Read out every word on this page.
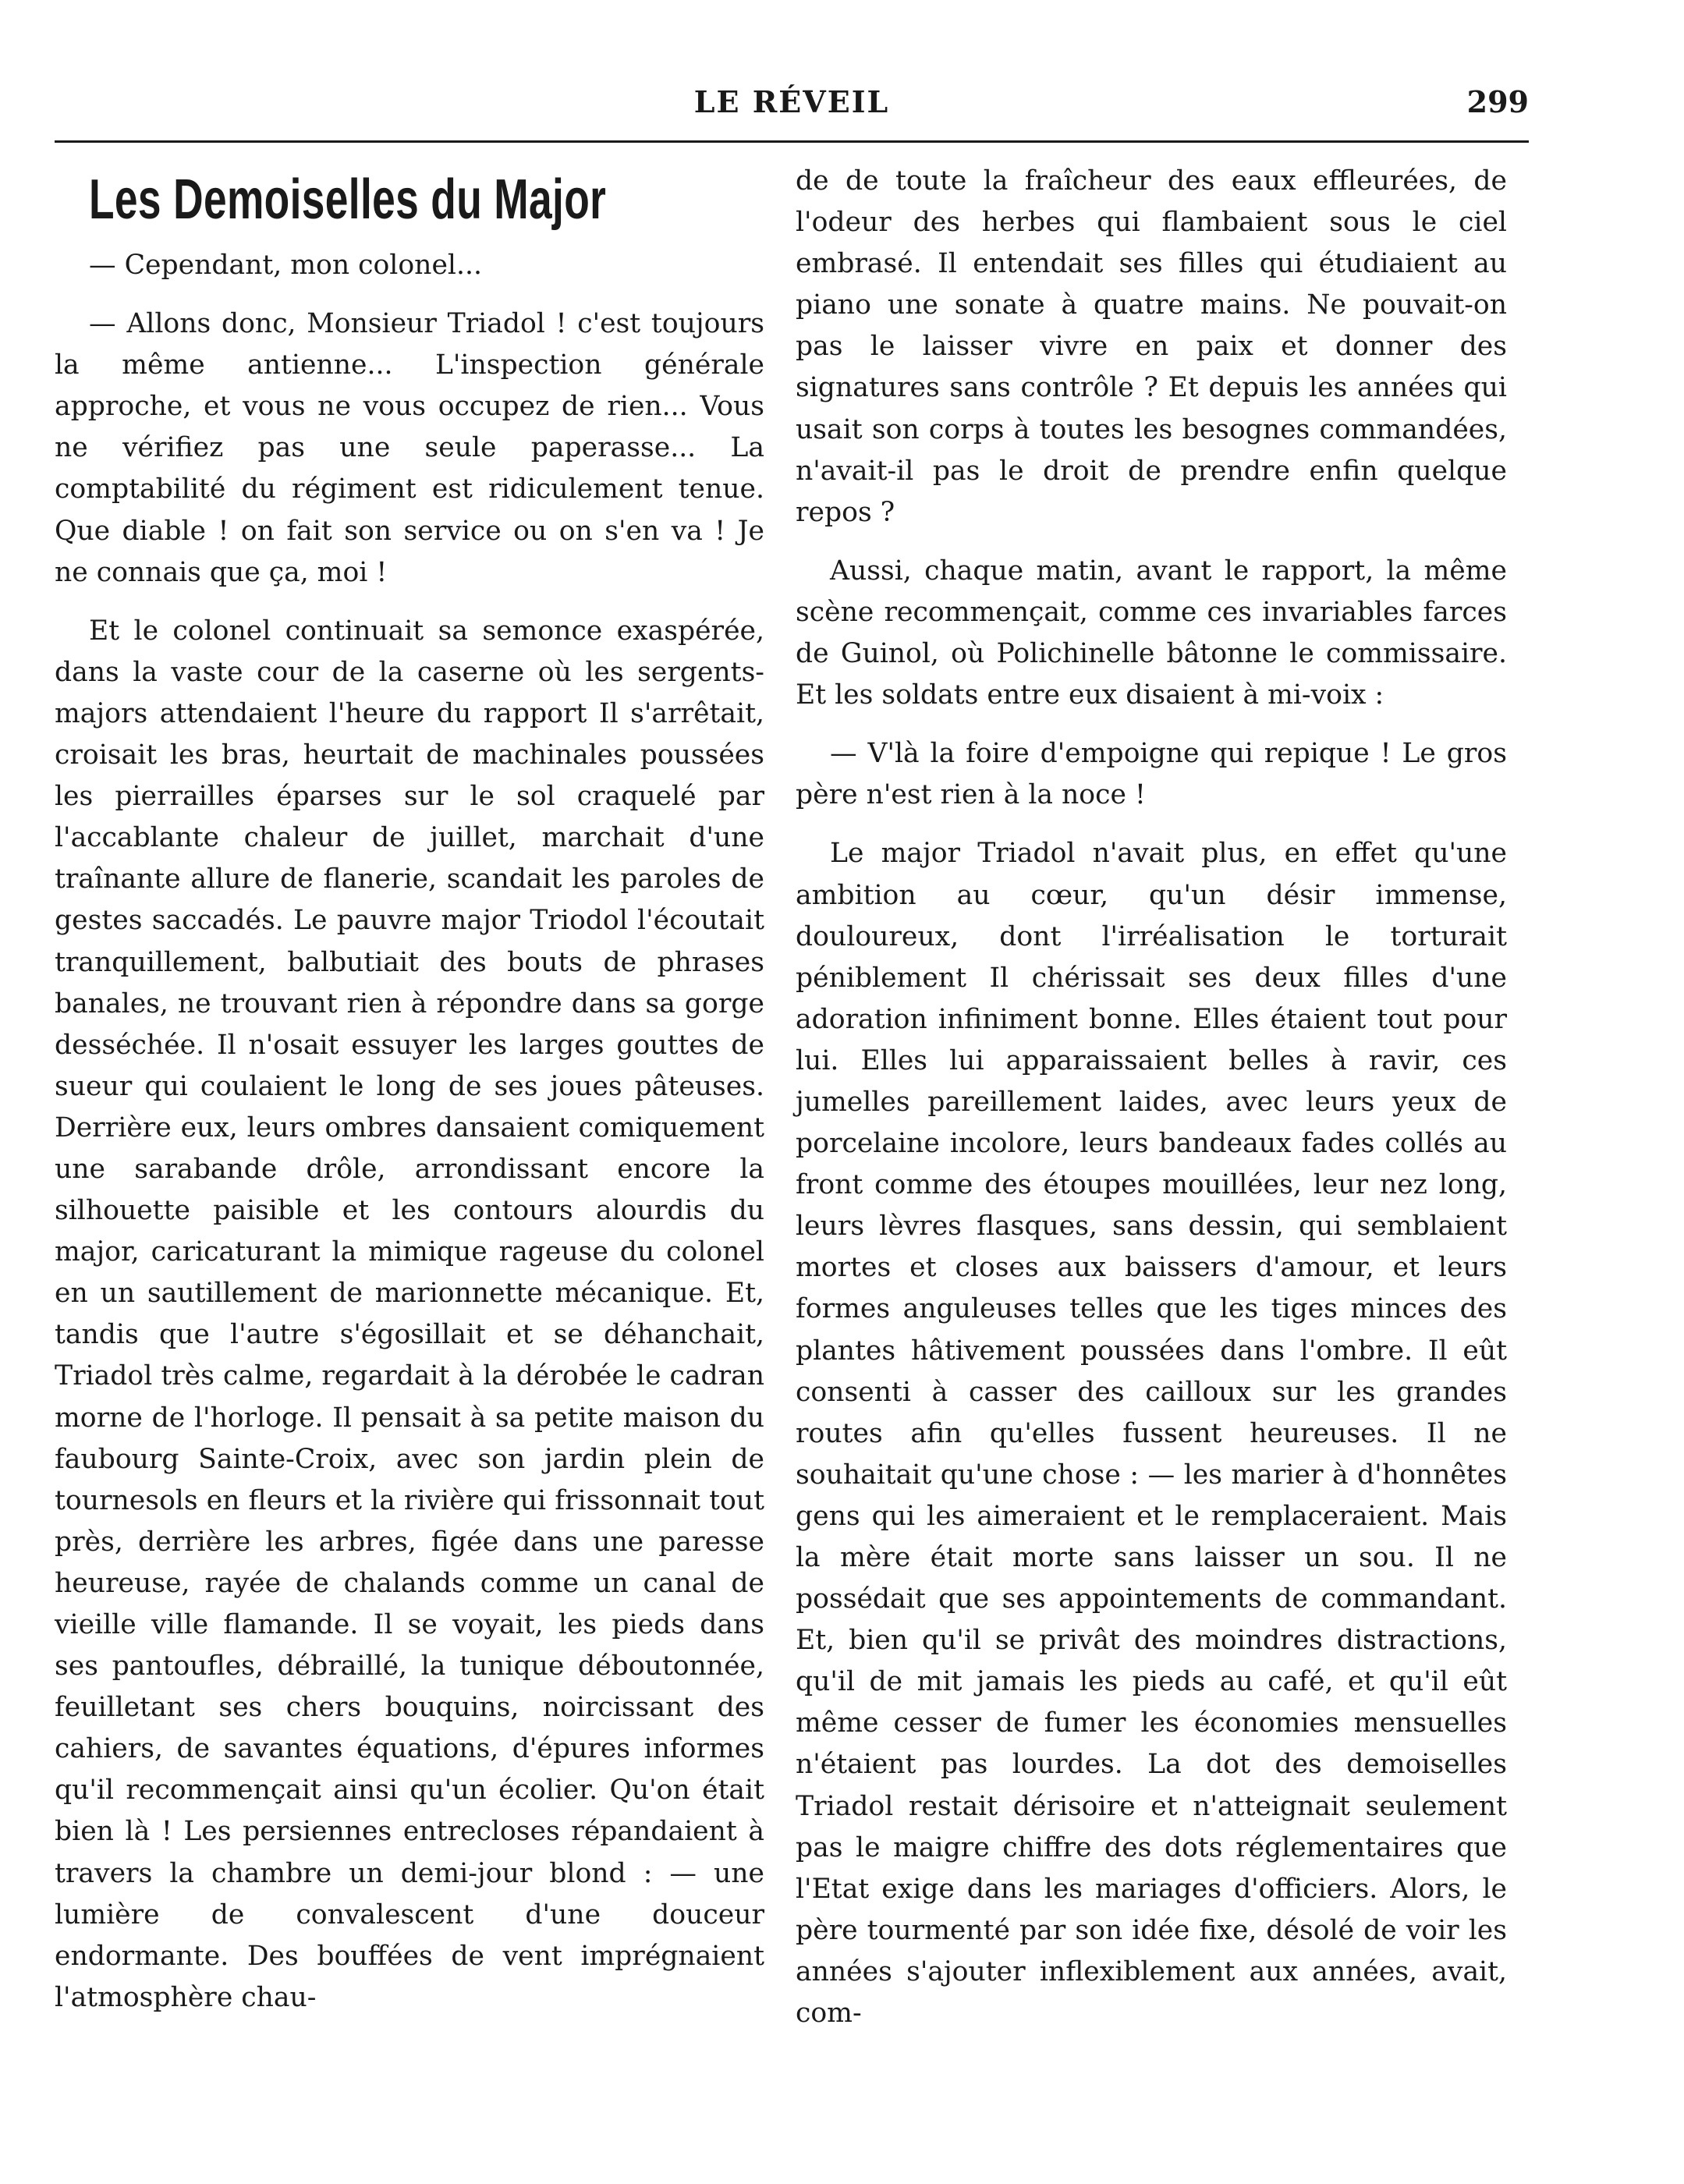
LE RÉVEIL	299
Les Demoiselles du Major

— Cependant, mon colonel...

— Allons donc, Monsieur Triadol ! c'est toujours la même antienne... L'inspection générale approche, et vous ne vous occupez de rien... Vous ne vérifiez pas une seule paperasse... La comptabilité du régiment est ridiculement tenue. Que diable ! on fait son service ou on s'en va ! Je ne connais que ça, moi !

Et le colonel continuait sa semonce exaspérée, dans la vaste cour de la caserne où les sergents-majors attendaient l'heure du rapport Il s'arrêtait, croisait les bras, heurtait de machinales poussées les pierrailles éparses sur le sol craquelé par l'accablante chaleur de juillet, marchait d'une traînante allure de flanerie, scandait les paroles de gestes saccadés. Le pauvre major Triodol l'écoutait tranquillement, balbutiait des bouts de phrases banales, ne trouvant rien à répondre dans sa gorge desséchée. Il n'osait essuyer les larges gouttes de sueur qui coulaient le long de ses joues pâteuses. Derrière eux, leurs ombres dansaient comiquement une sarabande drôle, arrondissant encore la silhouette paisible et les contours alourdis du major, caricaturant la mimique rageuse du colonel en un sautillement de marionnette mécanique. Et, tandis que l'autre s'égosillait et se déhanchait, Triadol très calme, regardait à la dérobée le cadran morne de l'horloge. Il pensait à sa petite maison du faubourg Sainte-Croix, avec son jardin plein de tournesols en fleurs et la rivière qui frissonnait tout près, derrière les arbres, figée dans une paresse heureuse, rayée de chalands comme un canal de vieille ville flamande. Il se voyait, les pieds dans ses pantoufles, débraillé, la tunique déboutonnée, feuilletant ses chers bouquins, noircissant des cahiers, de savantes équations, d'épures informes qu'il recommençait ainsi qu'un écolier. Qu'on était bien là ! Les persiennes entrecloses répandaient à travers la chambre un demi-jour blond : — une lumière de convalescent d'une douceur endormante. Des bouffées de vent imprégnaient l'atmosphère chau-

de de toute la fraîcheur des eaux effleurées, de l'odeur des herbes qui flambaient sous le ciel embrasé. Il entendait ses filles qui étudiaient au piano une sonate à quatre mains. Ne pouvait-on pas le laisser vivre en paix et donner des signatures sans contrôle ? Et depuis les années qui usait son corps à toutes les besognes commandées, n'avait-il pas le droit de prendre enfin quelque repos ?

Aussi, chaque matin, avant le rapport, la même scène recommençait, comme ces invariables farces de Guinol, où Polichinelle bâtonne le commissaire. Et les soldats entre eux disaient à mi-voix :

— V'là la foire d'empoigne qui repique ! Le gros père n'est rien à la noce !

Le major Triadol n'avait plus, en effet qu'une ambition au cœur, qu'un désir immense, douloureux, dont l'irréalisation le torturait péniblement Il chérissait ses deux filles d'une adoration infiniment bonne. Elles étaient tout pour lui. Elles lui apparaissaient belles à ravir, ces jumelles pareillement laides, avec leurs yeux de porcelaine incolore, leurs bandeaux fades collés au front comme des étoupes mouillées, leur nez long, leurs lèvres flasques, sans dessin, qui semblaient mortes et closes aux baissers d'amour, et leurs formes anguleuses telles que les tiges minces des plantes hâtivement poussées dans l'ombre. Il eût consenti à casser des cailloux sur les grandes routes afin qu'elles fussent heureuses. Il ne souhaitait qu'une chose : — les marier à d'honnêtes gens qui les aimeraient et le remplaceraient. Mais la mère était morte sans laisser un sou. Il ne possédait que ses appointements de commandant. Et, bien qu'il se privât des moindres distractions, qu'il de mit jamais les pieds au café, et qu'il eût même cesser de fumer les économies mensuelles n'étaient pas lourdes. La dot des demoiselles Triadol restait dérisoire et n'atteignait seulement pas le maigre chiffre des dots réglementaires que l'Etat exige dans les mariages d'officiers. Alors, le père tourmenté par son idée fixe, désolé de voir les années s'ajouter inflexiblement aux années, avait, com-
